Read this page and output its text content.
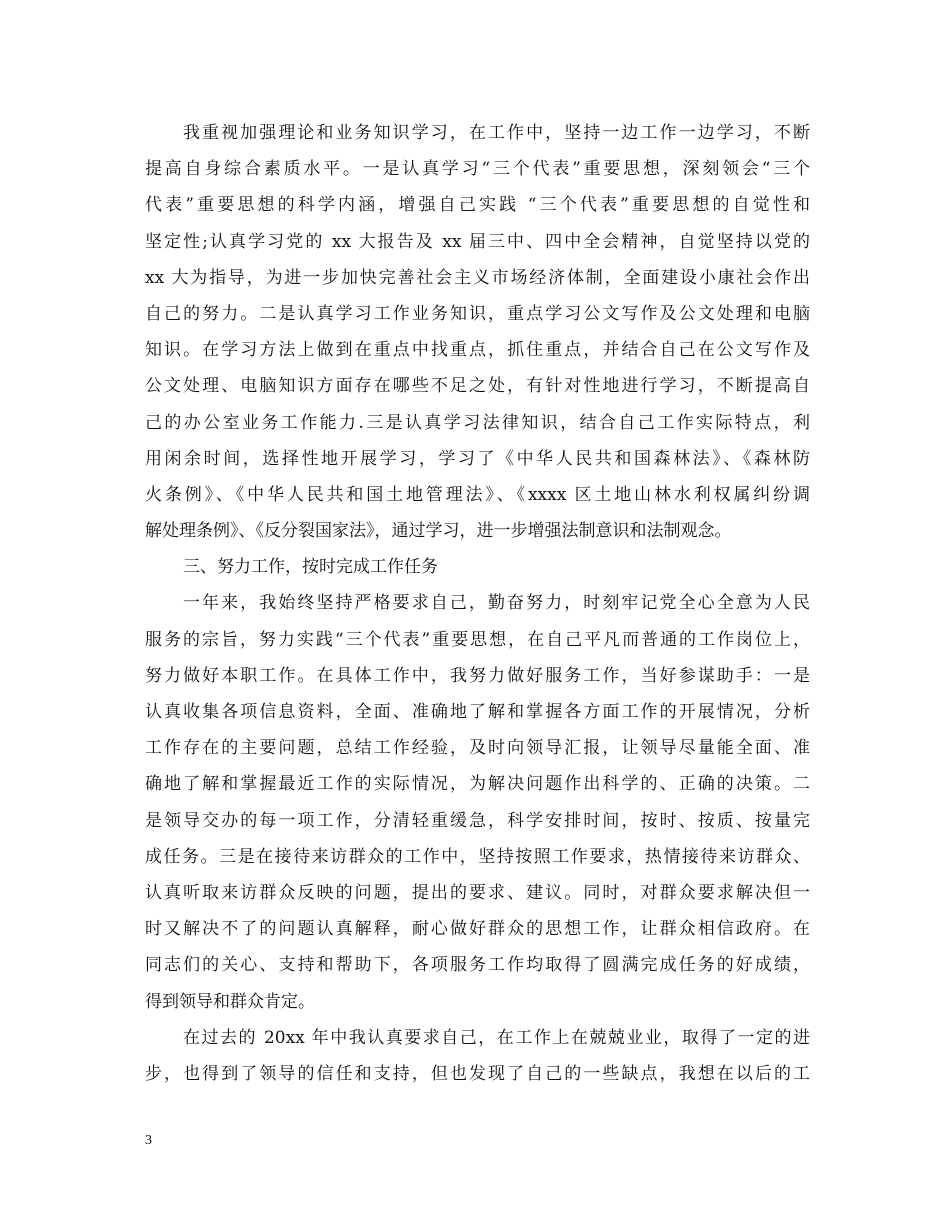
我重视加强理论和业务知识学习，在工作中，坚持一边工作一边学习，不断
提高自身综合素质水平。一是认真学习“三个代表”重要思想，深刻领会“三个
代表”重要思想的科学内涵，增强自己实践 “三个代表”重要思想的自觉性和
坚定性;认真学习党的 xx 大报告及 xx 届三中、四中全会精神，自觉坚持以党的
xx 大为指导，为进一步加快完善社会主义市场经济体制，全面建设小康社会作出
自己的努力。二是认真学习工作业务知识，重点学习公文写作及公文处理和电脑
知识。在学习方法上做到在重点中找重点，抓住重点，并结合自己在公文写作及
公文处理、电脑知识方面存在哪些不足之处，有针对性地进行学习，不断提高自
己的办公室业务工作能力.三是认真学习法律知识，结合自己工作实际特点，利
用闲余时间，选择性地开展学习，学习了《中华人民共和国森林法》、《森林防
火条例》、《中华人民共和国土地管理法》、《xxxx 区土地山林水利权属纠纷调
解处理条例》、《反分裂国家法》，通过学习，进一步增强法制意识和法制观念。
三、努力工作，按时完成工作任务
一年来，我始终坚持严格要求自己，勤奋努力，时刻牢记党全心全意为人民
服务的宗旨，努力实践“三个代表”重要思想，在自己平凡而普通的工作岗位上，
努力做好本职工作。在具体工作中，我努力做好服务工作，当好参谋助手：一是
认真收集各项信息资料，全面、准确地了解和掌握各方面工作的开展情况，分析
工作存在的主要问题，总结工作经验，及时向领导汇报，让领导尽量能全面、准
确地了解和掌握最近工作的实际情况，为解决问题作出科学的、正确的决策。二
是领导交办的每一项工作，分清轻重缓急，科学安排时间，按时、按质、按量完
成任务。三是在接待来访群众的工作中，坚持按照工作要求，热情接待来访群众、
认真听取来访群众反映的问题，提出的要求、建议。同时，对群众要求解决但一
时又解决不了的问题认真解释，耐心做好群众的思想工作，让群众相信政府。在
同志们的关心、支持和帮助下，各项服务工作均取得了圆满完成任务的好成绩，
得到领导和群众肯定。
在过去的 20xx 年中我认真要求自己，在工作上在兢兢业业，取得了一定的进
步，也得到了领导的信任和支持，但也发现了自己的一些缺点，我想在以后的工
3
